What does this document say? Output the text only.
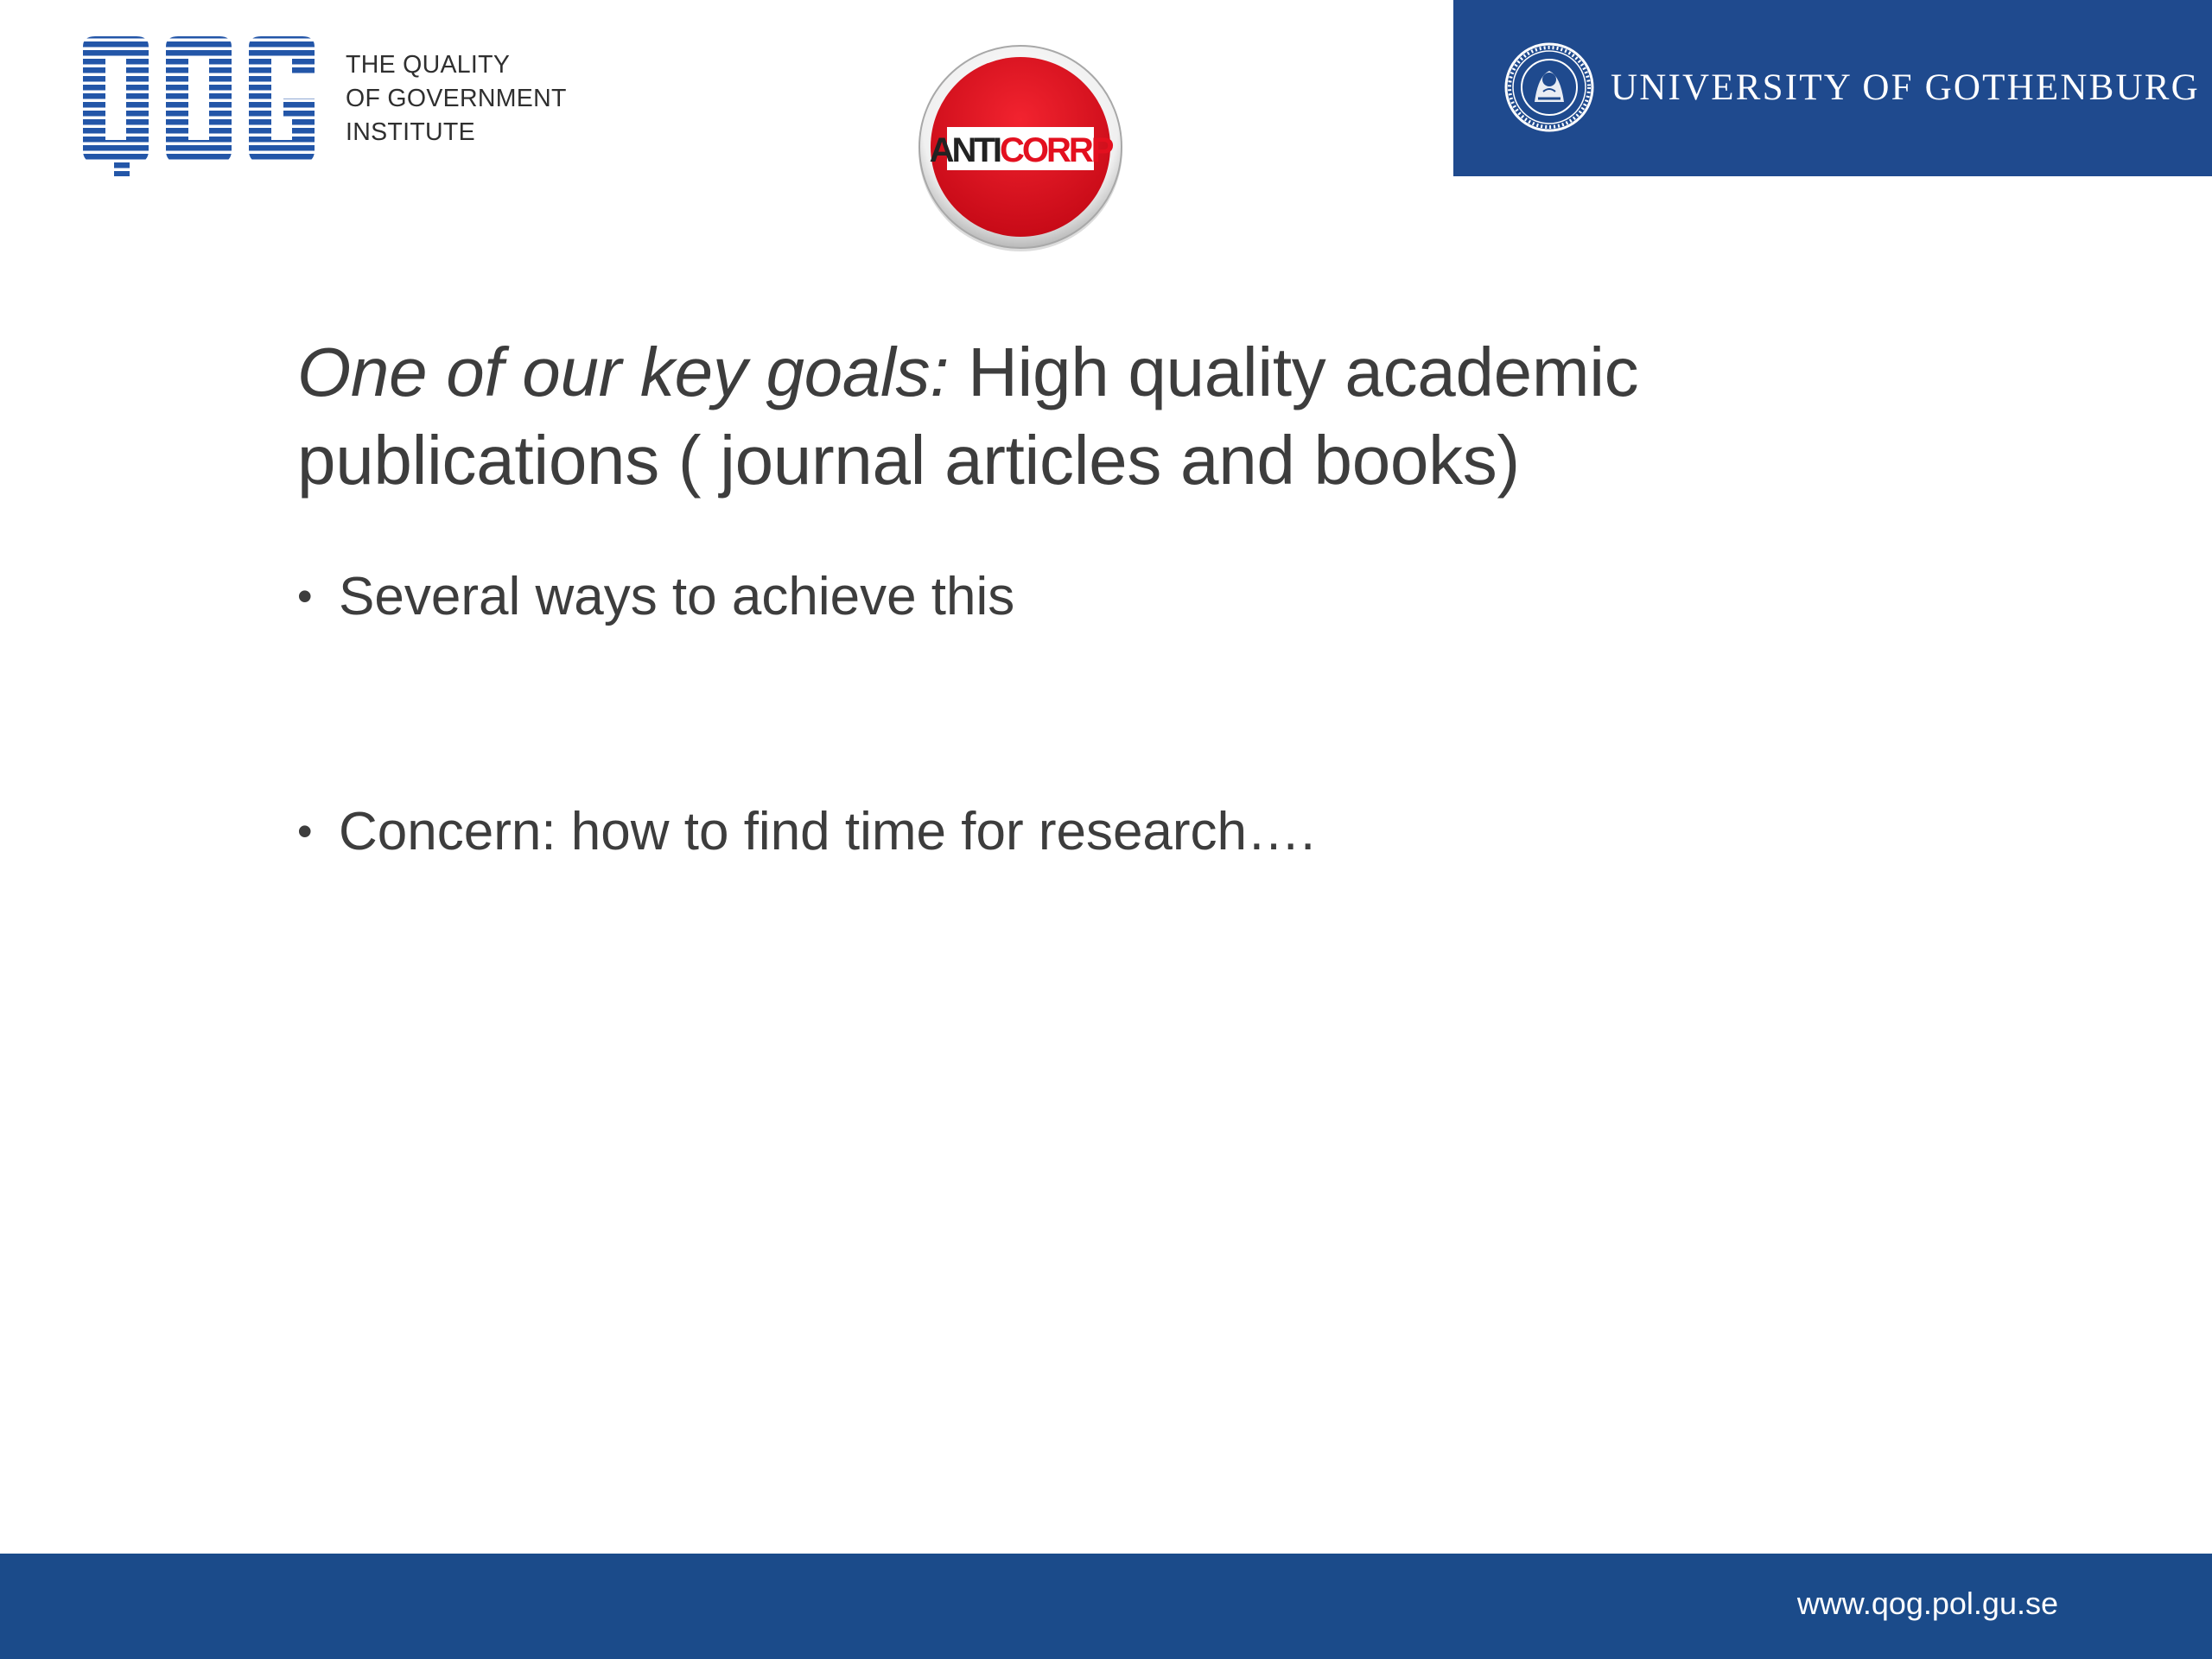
THE QUALITY
OF GOVERNMENT
INSTITUTE	ANTICORRP
UNIVERSITY OF GOTHENBURG
One of our key goals: High quality academic publications ( journal articles and books)
• Several ways to achieve this
• Concern: how to find time for research….
www.qog.pol.gu.se
